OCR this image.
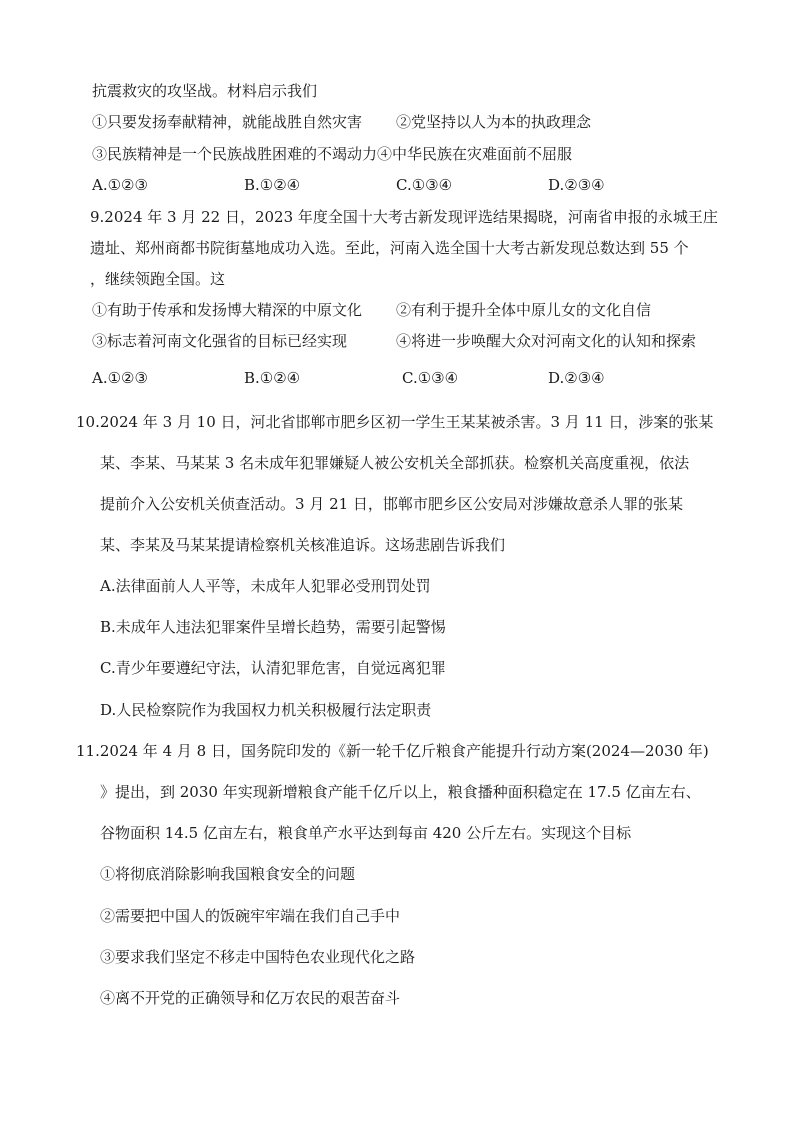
抗震救灾的攻坚战。材料启示我们
①只要发扬奉献精神，就能战胜自然灾害 ②党坚持以人为本的执政理念
③民族精神是一个民族战胜困难的不竭动力④中华民族在灾难面前不屈服
A.①②③	B.①②④	C.①③④	D.②③④
9.2024 年 3 月 22 日，2023 年度全国十大考古新发现评选结果揭晓，河南省申报的永城王庄
遗址、郑州商都书院街墓地成功入选。至此，河南入选全国十大考古新发现总数达到 55 个
，继续领跑全国。这
①有助于传承和发扬博大精深的中原文化 ②有利于提升全体中原儿女的文化自信
③标志着河南文化强省的目标已经实现	④将进一步唤醒大众对河南文化的认知和探索
A.①②③	B.①②④	C.①③④	D.②③④
10.2024 年 3 月 10 日，河北省邯郸市肥乡区初一学生王某某被杀害。3 月 11 日，涉案的张某
某、李某、马某某 3 名未成年犯罪嫌疑人被公安机关全部抓获。检察机关高度重视，依法
提前介入公安机关侦查活动。3 月 21 日，邯郸市肥乡区公安局对涉嫌故意杀人罪的张某
某、李某及马某某提请检察机关核准追诉。这场悲剧告诉我们
A.法律面前人人平等，未成年人犯罪必受刑罚处罚
B.未成年人违法犯罪案件呈增长趋势，需要引起警惕
C.青少年要遵纪守法，认清犯罪危害，自觉远离犯罪
D.人民检察院作为我国权力机关积极履行法定职责
11.2024 年 4 月 8 日，国务院印发的《新一轮千亿斤粮食产能提升行动方案(2024—2030 年)
》提出，到 2030 年实现新增粮食产能千亿斤以上，粮食播种面积稳定在 17.5 亿亩左右、
谷物面积 14.5 亿亩左右，粮食单产水平达到每亩 420 公斤左右。实现这个目标
①将彻底消除影响我国粮食安全的问题
②需要把中国人的饭碗牢牢端在我们自己手中
③要求我们坚定不移走中国特色农业现代化之路
④离不开党的正确领导和亿万农民的艰苦奋斗
